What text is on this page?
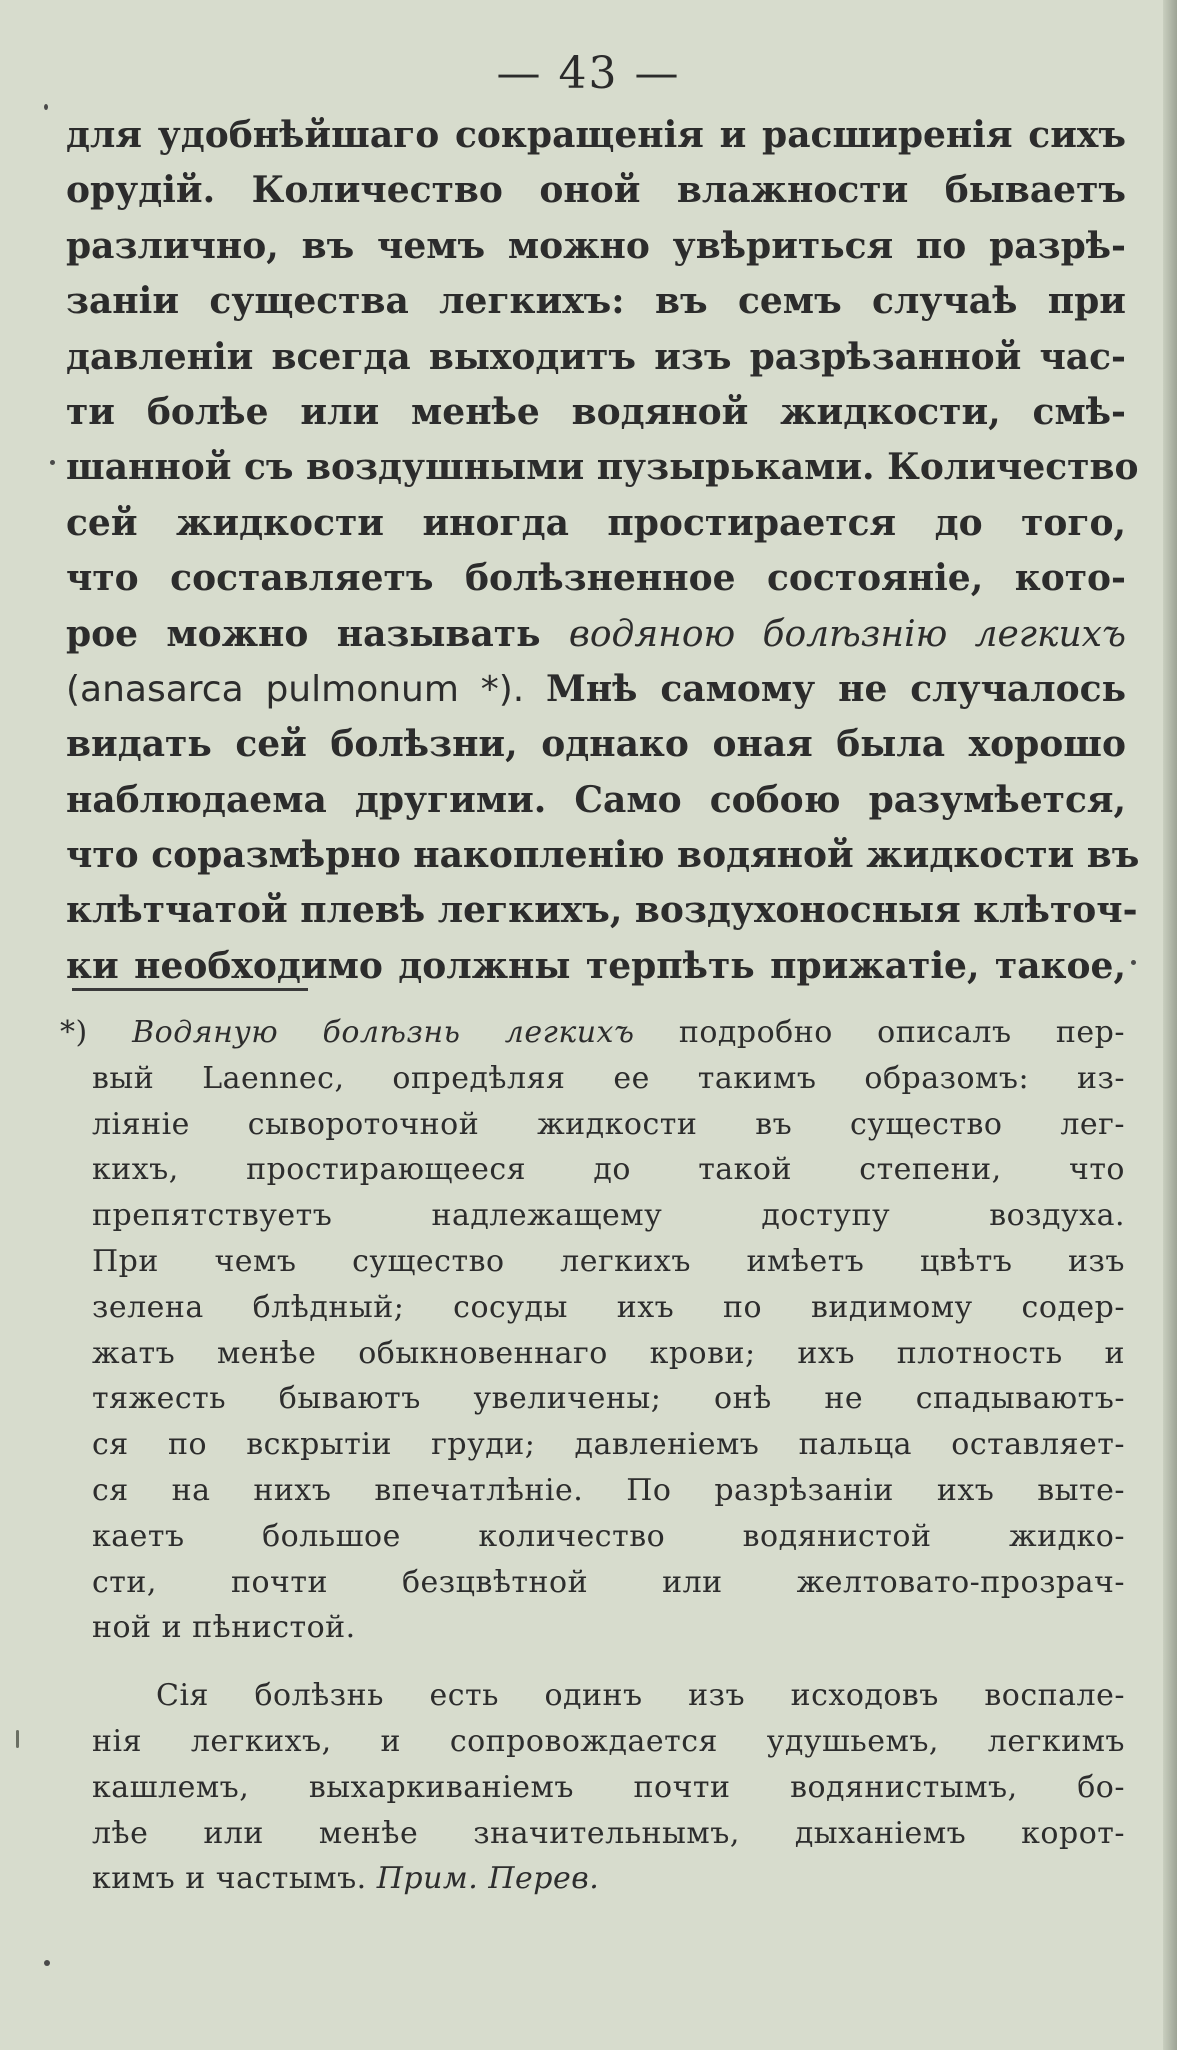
— 43 —
для удобнѣйшаго сокращенія и расширенія сихъ
орудій. Количество оной влажности бываетъ
различно, въ чемъ можно увѣриться по разрѣ-
заніи существа легкихъ: въ семъ случаѣ при
давленіи всегда выходитъ изъ разрѣзанной час-
ти болѣе или менѣе водяной жидкости, смѣ-
шанной съ воздушными пузырьками. Количество
сей жидкости иногда простирается до того,
что составляетъ болѣзненное состояніе, кото-
рое можно называть водяною болѣзнію легкихъ
(anasarca pulmonum *). Мнѣ самому не случалось
видать сей болѣзни, однако оная была хорошо
наблюдаема другими. Само собою разумѣется,
что соразмѣрно накопленію водяной жидкости въ
клѣтчатой плевѣ легкихъ, воздухоносныя клѣточ-
ки необходимо должны терпѣть прижатіе, такое,
*) Водяную болѣзнь легкихъ подробно описалъ пер-
вый Laennec, опредѣляя ее такимъ образомъ: из-
ліяніе сывороточной жидкости въ существо лег-
кихъ, простирающееся до такой степени, что
препятствуетъ надлежащему доступу воздуха.
При чемъ существо легкихъ имѣетъ цвѣтъ изъ
зелена блѣдный; сосуды ихъ по видимому содер-
жатъ менѣе обыкновеннаго крови; ихъ плотность и
тяжесть бываютъ увеличены; онѣ не спадываютъ-
ся по вскрытіи груди; давленіемъ пальца оставляет-
ся на нихъ впечатлѣніе. По разрѣзаніи ихъ выте-
каетъ большое количество водянистой жидко-
сти, почти безцвѣтной или желтовато-прозрач-
ной и пѣнистой.
Сія болѣзнь есть одинъ изъ исходовъ воспале-
нія легкихъ, и сопровождается удушьемъ, легкимъ
кашлемъ, выхаркиваніемъ почти водянистымъ, бо-
лѣе или менѣе значительнымъ, дыханіемъ корот-
кимъ и частымъ. Прим. Перев.
